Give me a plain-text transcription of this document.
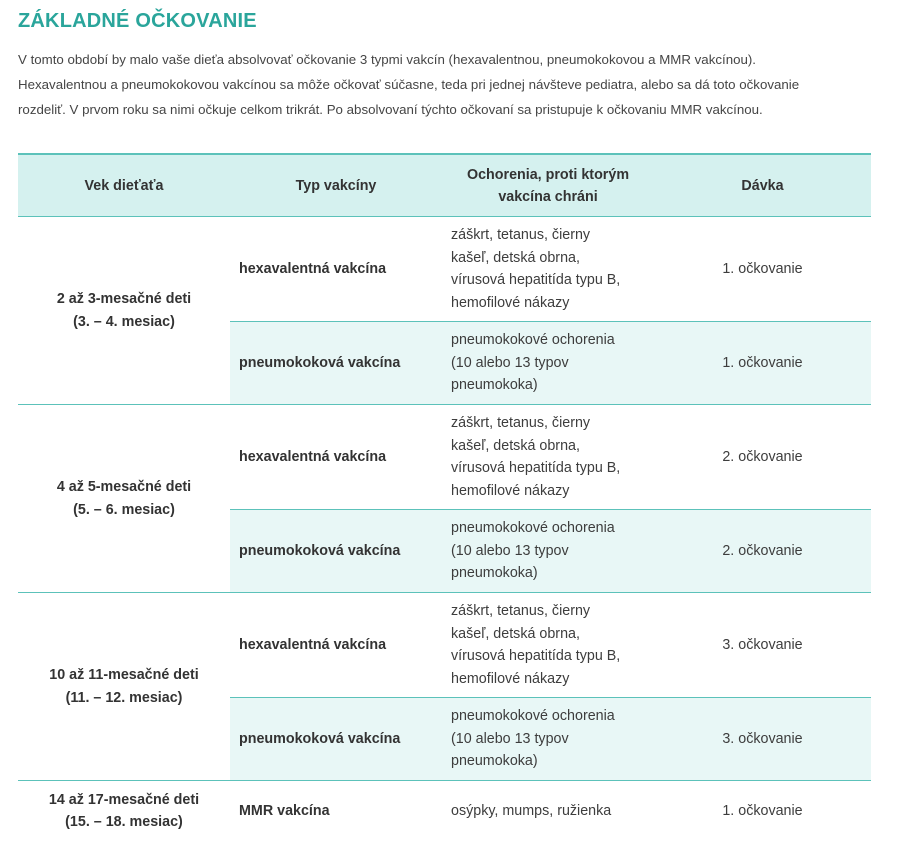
ZÁKLADNÉ OČKOVANIE

V tomto období by malo vaše dieťa absolvovať očkovanie 3 typmi vakcín (hexavalentnou, pneumokokovou a MMR vakcínou).

Hexavalentnou a pneumokokovou vakcínou sa môže očkovať súčasne, teda pri jednej návšteve pediatra, alebo sa dá toto očkovanie

rozdeliť. V prvom roku sa nimi očkuje celkom trikrát. Po absolvovaní týchto očkovaní sa pristupuje k očkovaniu MMR vakcínou.

Vek dieťaťa	Typ vakcíny	Ochorenia, proti ktorým
vakcína chráni	Dávka

2 až 3-mesačné deti
(3. – 4. mesiac)	hexavalentná vakcína	záškrt, tetanus, čierny
kašeľ, detská obrna,
vírusová hepatitída typu B,
hemofilové nákazy	1. očkovanie
	pneumokoková vakcína	pneumokokové ochorenia
(10 alebo 13 typov
pneumokoka)	1. očkovanie

4 až 5-mesačné deti
(5. – 6. mesiac)	hexavalentná vakcína	záškrt, tetanus, čierny
kašeľ, detská obrna,
vírusová hepatitída typu B,
hemofilové nákazy	2. očkovanie
	pneumokoková vakcína	pneumokokové ochorenia
(10 alebo 13 typov
pneumokoka)	2. očkovanie

10 až 11-mesačné deti
(11. – 12. mesiac)	hexavalentná vakcína	záškrt, tetanus, čierny
kašeľ, detská obrna,
vírusová hepatitída typu B,
hemofilové nákazy	3. očkovanie
	pneumokoková vakcína	pneumokokové ochorenia
(10 alebo 13 typov
pneumokoka)	3. očkovanie

14 až 17-mesačné deti
(15. – 18. mesiac)	MMR vakcína	osýpky, mumps, ružienka	1. očkovanie
